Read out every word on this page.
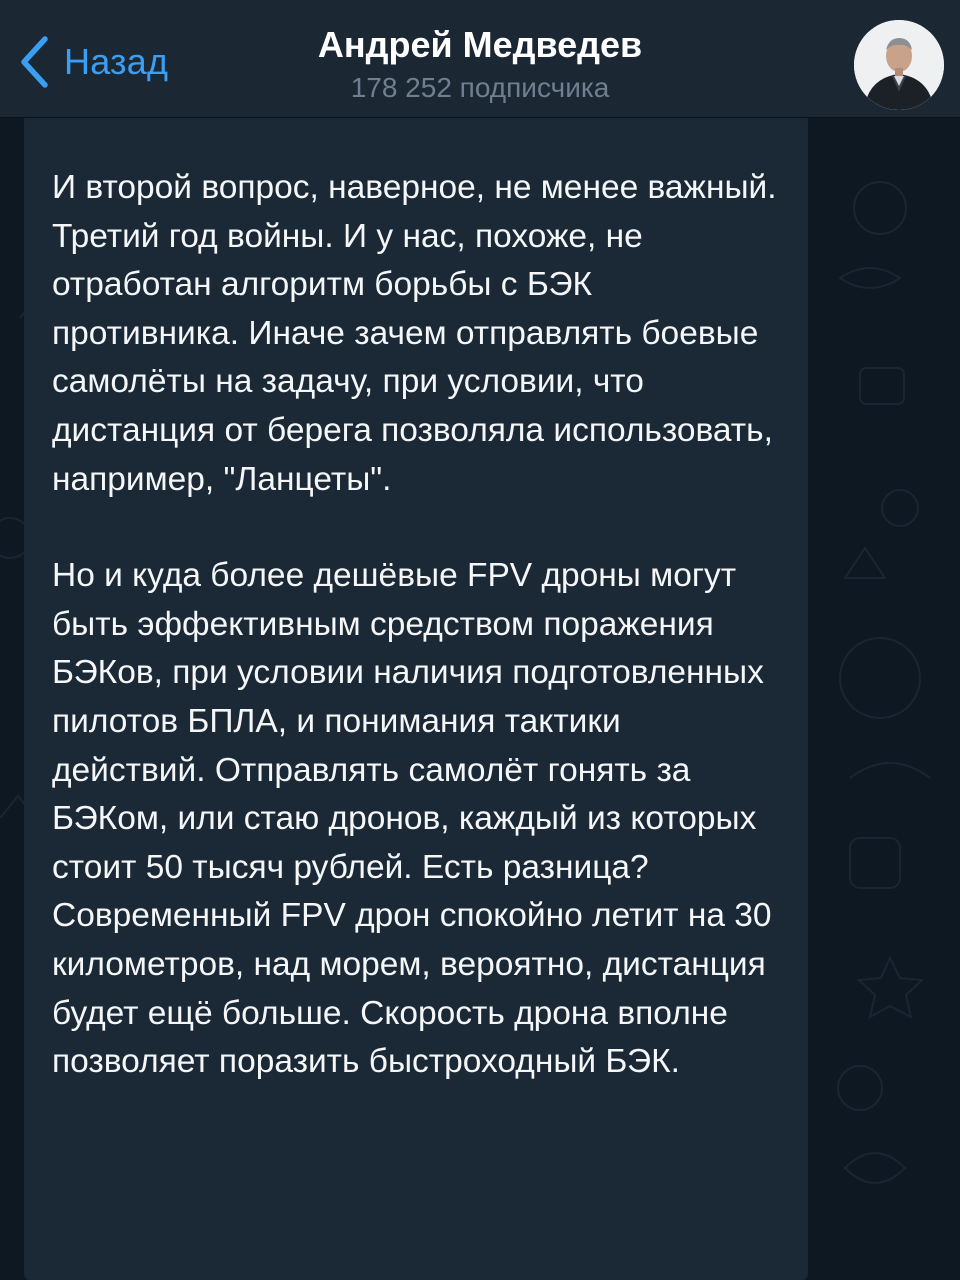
Назад	Андрей Медведев
178 252 подписчика

И второй вопрос, наверное, не менее важный. Третий год войны. И у нас, похоже, не отработан алгоритм борьбы с БЭК противника. Иначе зачем отправлять боевые самолёты на задачу, при условии, что дистанция от берега позволяла использовать, например, "Ланцеты".

Но и куда более дешёвые FPV дроны могут быть эффективным средством поражения БЭКов, при условии наличия подготовленных пилотов БПЛА, и понимания тактики действий. Отправлять самолёт гонять за БЭКом, или стаю дронов, каждый из которых стоит 50 тысяч рублей. Есть разница? Современный FPV дрон спокойно летит на 30 километров, над морем, вероятно, дистанция будет ещё больше. Скорость дрона вполне позволяет поразить быстроходный БЭК.
